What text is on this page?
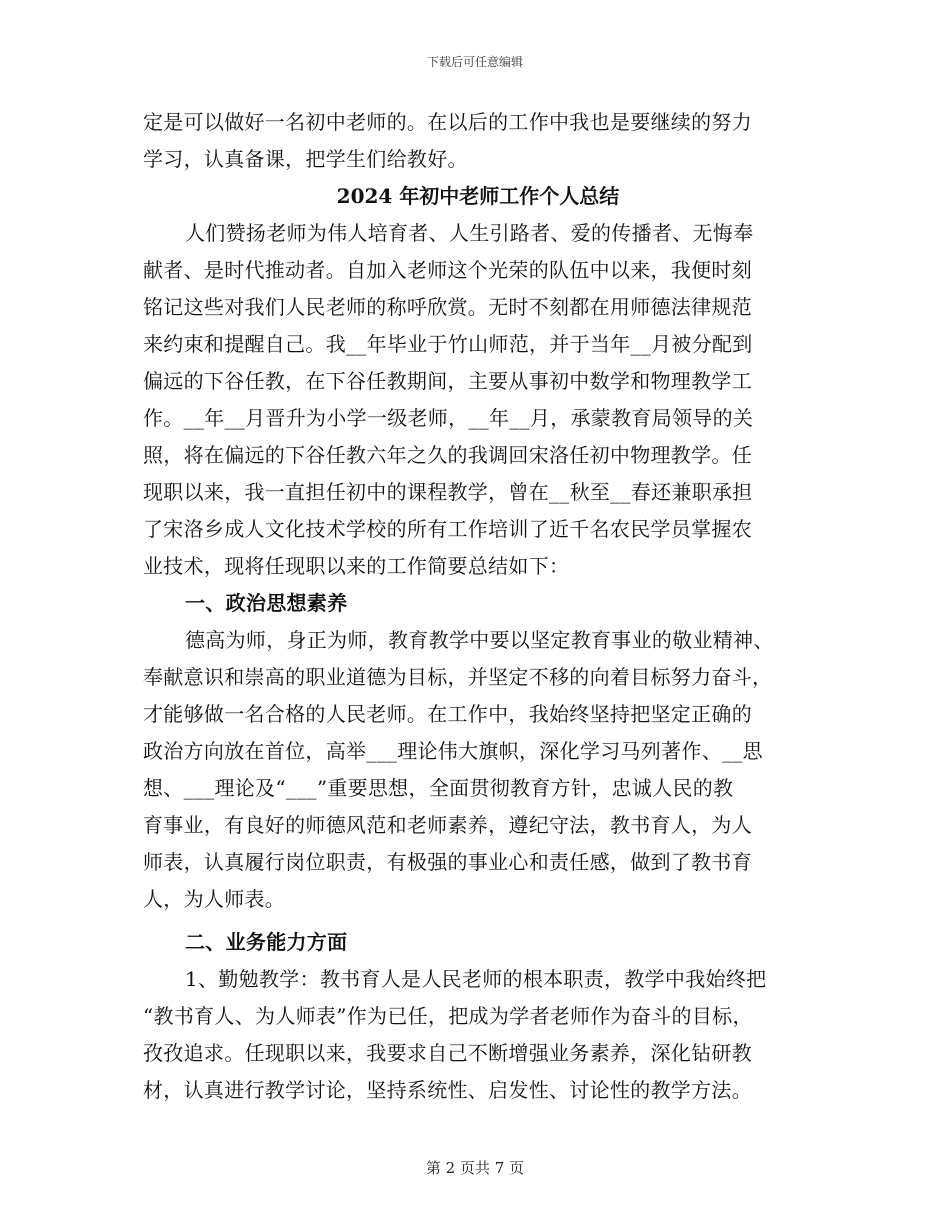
下载后可任意编辑
定是可以做好一名初中老师的。在以后的工作中我也是要继续的努力
学习，认真备课，把学生们给教好。
2024 年初中老师工作个人总结
人们赞扬老师为伟人培育者、人生引路者、爱的传播者、无悔奉
献者、是时代推动者。自加入老师这个光荣的队伍中以来，我便时刻
铭记这些对我们人民老师的称呼欣赏。无时不刻都在用师德法律规范
来约束和提醒自己。我__年毕业于竹山师范，并于当年__月被分配到
偏远的下谷任教，在下谷任教期间，主要从事初中数学和物理教学工
作。__年__月晋升为小学一级老师，__年__月，承蒙教育局领导的关
照，将在偏远的下谷任教六年之久的我调回宋洛任初中物理教学。任
现职以来，我一直担任初中的课程教学，曾在__秋至__春还兼职承担
了宋洛乡成人文化技术学校的所有工作培训了近千名农民学员掌握农
业技术，现将任现职以来的工作简要总结如下：
一、政治思想素养
德高为师，身正为师，教育教学中要以坚定教育事业的敬业精神、
奉献意识和崇高的职业道德为目标，并坚定不移的向着目标努力奋斗，
才能够做一名合格的人民老师。在工作中，我始终坚持把坚定正确的
政治方向放在首位，高举___理论伟大旗帜，深化学习马列著作、__思
想、___理论及“___”重要思想，全面贯彻教育方针，忠诚人民的教
育事业，有良好的师德风范和老师素养，遵纪守法，教书育人，为人
师表，认真履行岗位职责，有极强的事业心和责任感，做到了教书育
人，为人师表。
二、业务能力方面
1、勤勉教学：教书育人是人民老师的根本职责，教学中我始终把
“教书育人、为人师表”作为已任，把成为学者老师作为奋斗的目标，
孜孜追求。任现职以来，我要求自己不断增强业务素养，深化钻研教
材，认真进行教学讨论，坚持系统性、启发性、讨论性的教学方法。
第 2 页共 7 页
